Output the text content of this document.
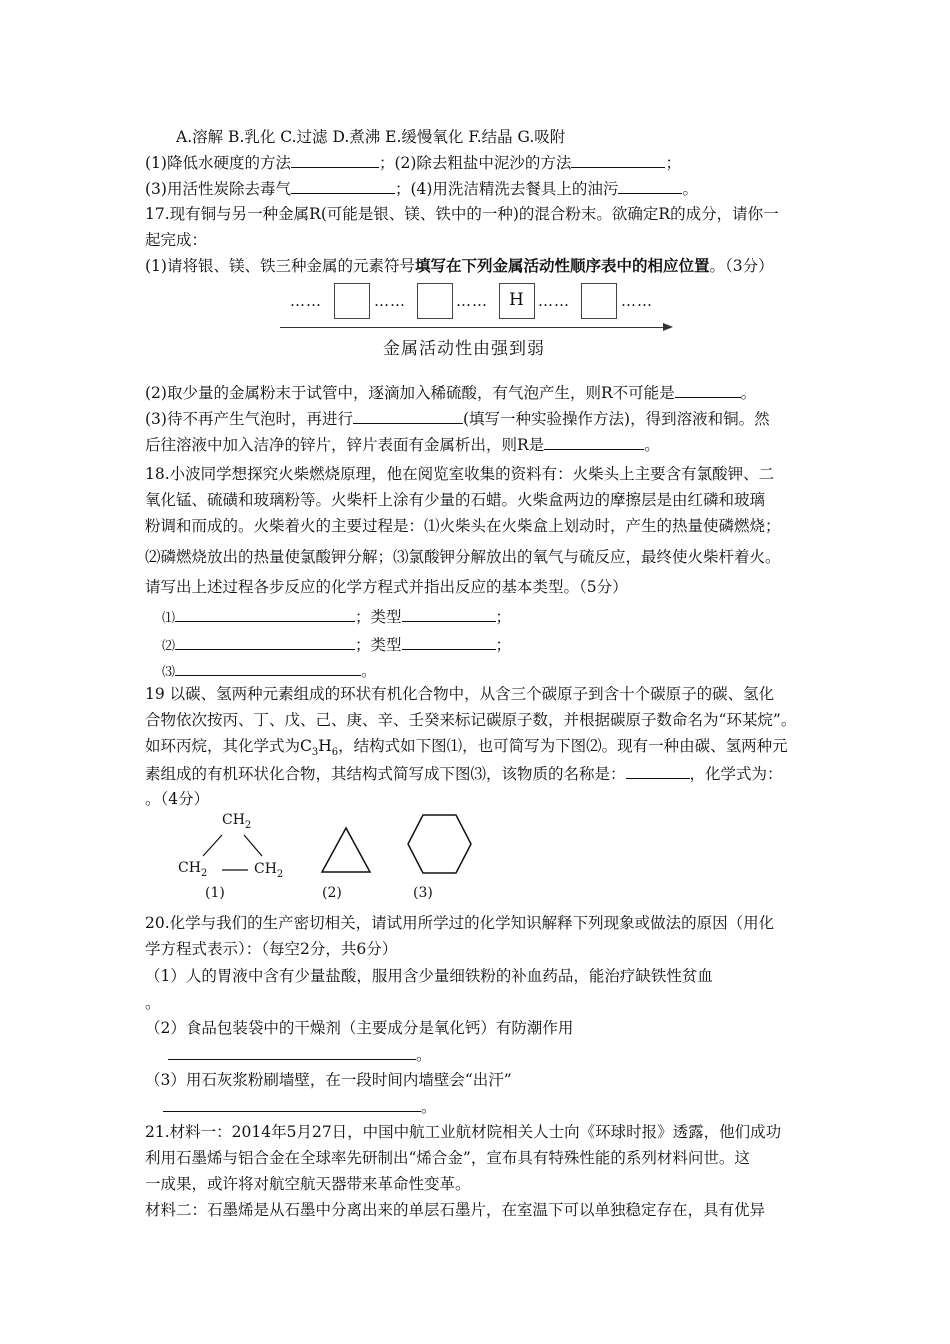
A.溶解 B.乳化 C.过滤 D.煮沸 E.缓慢氧化 F.结晶 G.吸附
(1)降低水硬度的方法	；(2)除去粗盐中泥沙的方法	；
(3)用活性炭除去毒气	；(4)用洗洁精洗去餐具上的油污	。
17.现有铜与另一种金属R(可能是银、镁、铁中的一种)的混合粉末。欲确定R的成分，请你一
起完成：
(1)请将银、镁、铁三种金属的元素符号填写在下列金属活动性顺序表中的相应位置。（3分）
……	……	…… H ……	……
金属活动性由强到弱
(2)取少量的金属粉末于试管中，逐滴加入稀硫酸，有气泡产生，则R不可能是	。
(3)待不再产生气泡时，再进行	(填写一种实验操作方法)，得到溶液和铜。然
后往溶液中加入洁净的锌片，锌片表面有金属析出，则R是	。
18.小波同学想探究火柴燃烧原理，他在阅览室收集的资料有：火柴头上主要含有氯酸钾、二
氧化锰、硫磺和玻璃粉等。火柴杆上涂有少量的石蜡。火柴盒两边的摩擦层是由红磷和玻璃
粉调和而成的。火柴着火的主要过程是：⑴火柴头在火柴盒上划动时，产生的热量使磷燃烧；
⑵磷燃烧放出的热量使氯酸钾分解；⑶氯酸钾分解放出的氧气与硫反应，最终使火柴杆着火。
请写出上述过程各步反应的化学方程式并指出反应的基本类型。（5分）
⑴	；类型	；
⑵	；类型	；
⑶	。
19 以碳、氢两种元素组成的环状有机化合物中，从含三个碳原子到含十个碳原子的碳、氢化
合物依次按丙、丁、戊、己、庚、辛、壬癸来标记碳原子数，并根据碳原子数命名为“环某烷”。
如环丙烷，其化学式为$C_3H_6$，结构式如下图⑴，也可简写为下图⑵。现有一种由碳、氢两种元
素组成的有机环状化合物，其结构式简写成下图⑶，该物质的名称是：	，化学式为：
。（4分）
$CH_2$
$CH_2$	$CH_2$
(1)	(2)	(3)
20.化学与我们的生产密切相关，请试用所学过的化学知识解释下列现象或做法的原因（用化
学方程式表示）：（每空2分，共6分）
（1）人的胃液中含有少量盐酸，服用含少量细铁粉的补血药品，能治疗缺铁性贫血
。
（2）食品包装袋中的干燥剂（主要成分是氧化钙）有防潮作用
。
（3）用石灰浆粉刷墙壁，在一段时间内墙壁会“出汗”
。
21.材料一：2014年5月27日，中国中航工业航材院相关人士向《环球时报》透露，他们成功
利用石墨烯与铝合金在全球率先研制出“烯合金”，宣布具有特殊性能的系列材料问世。这
一成果，或许将对航空航天器带来革命性变革。
材料二：石墨烯是从石墨中分离出来的单层石墨片，在室温下可以单独稳定存在，具有优异
